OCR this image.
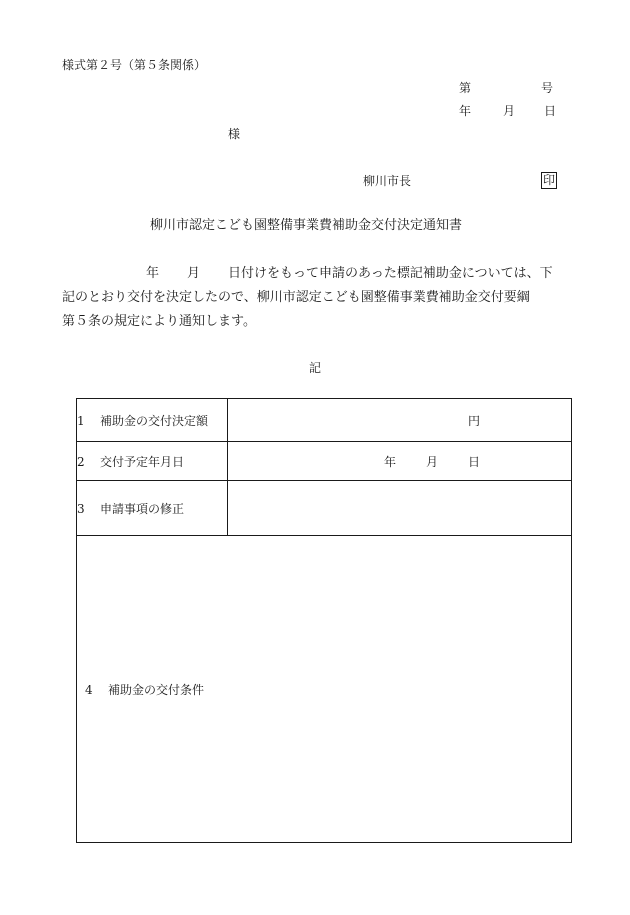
様式第２号（第５条関係）
第	号
年	月 日
様
柳川市長	印
柳川市認定こども園整備事業費補助金交付決定通知書
年 月 日付けをもって申請のあった標記補助金については、下
記のとおり交付を決定したので、柳川市認定こども園整備事業費補助金交付要綱
第５条の規定により通知します。
記
1 補助金の交付決定額	円

2 交付予定年月日	年 月 日

3 申請事項の修正	
4 補助金の交付条件	
